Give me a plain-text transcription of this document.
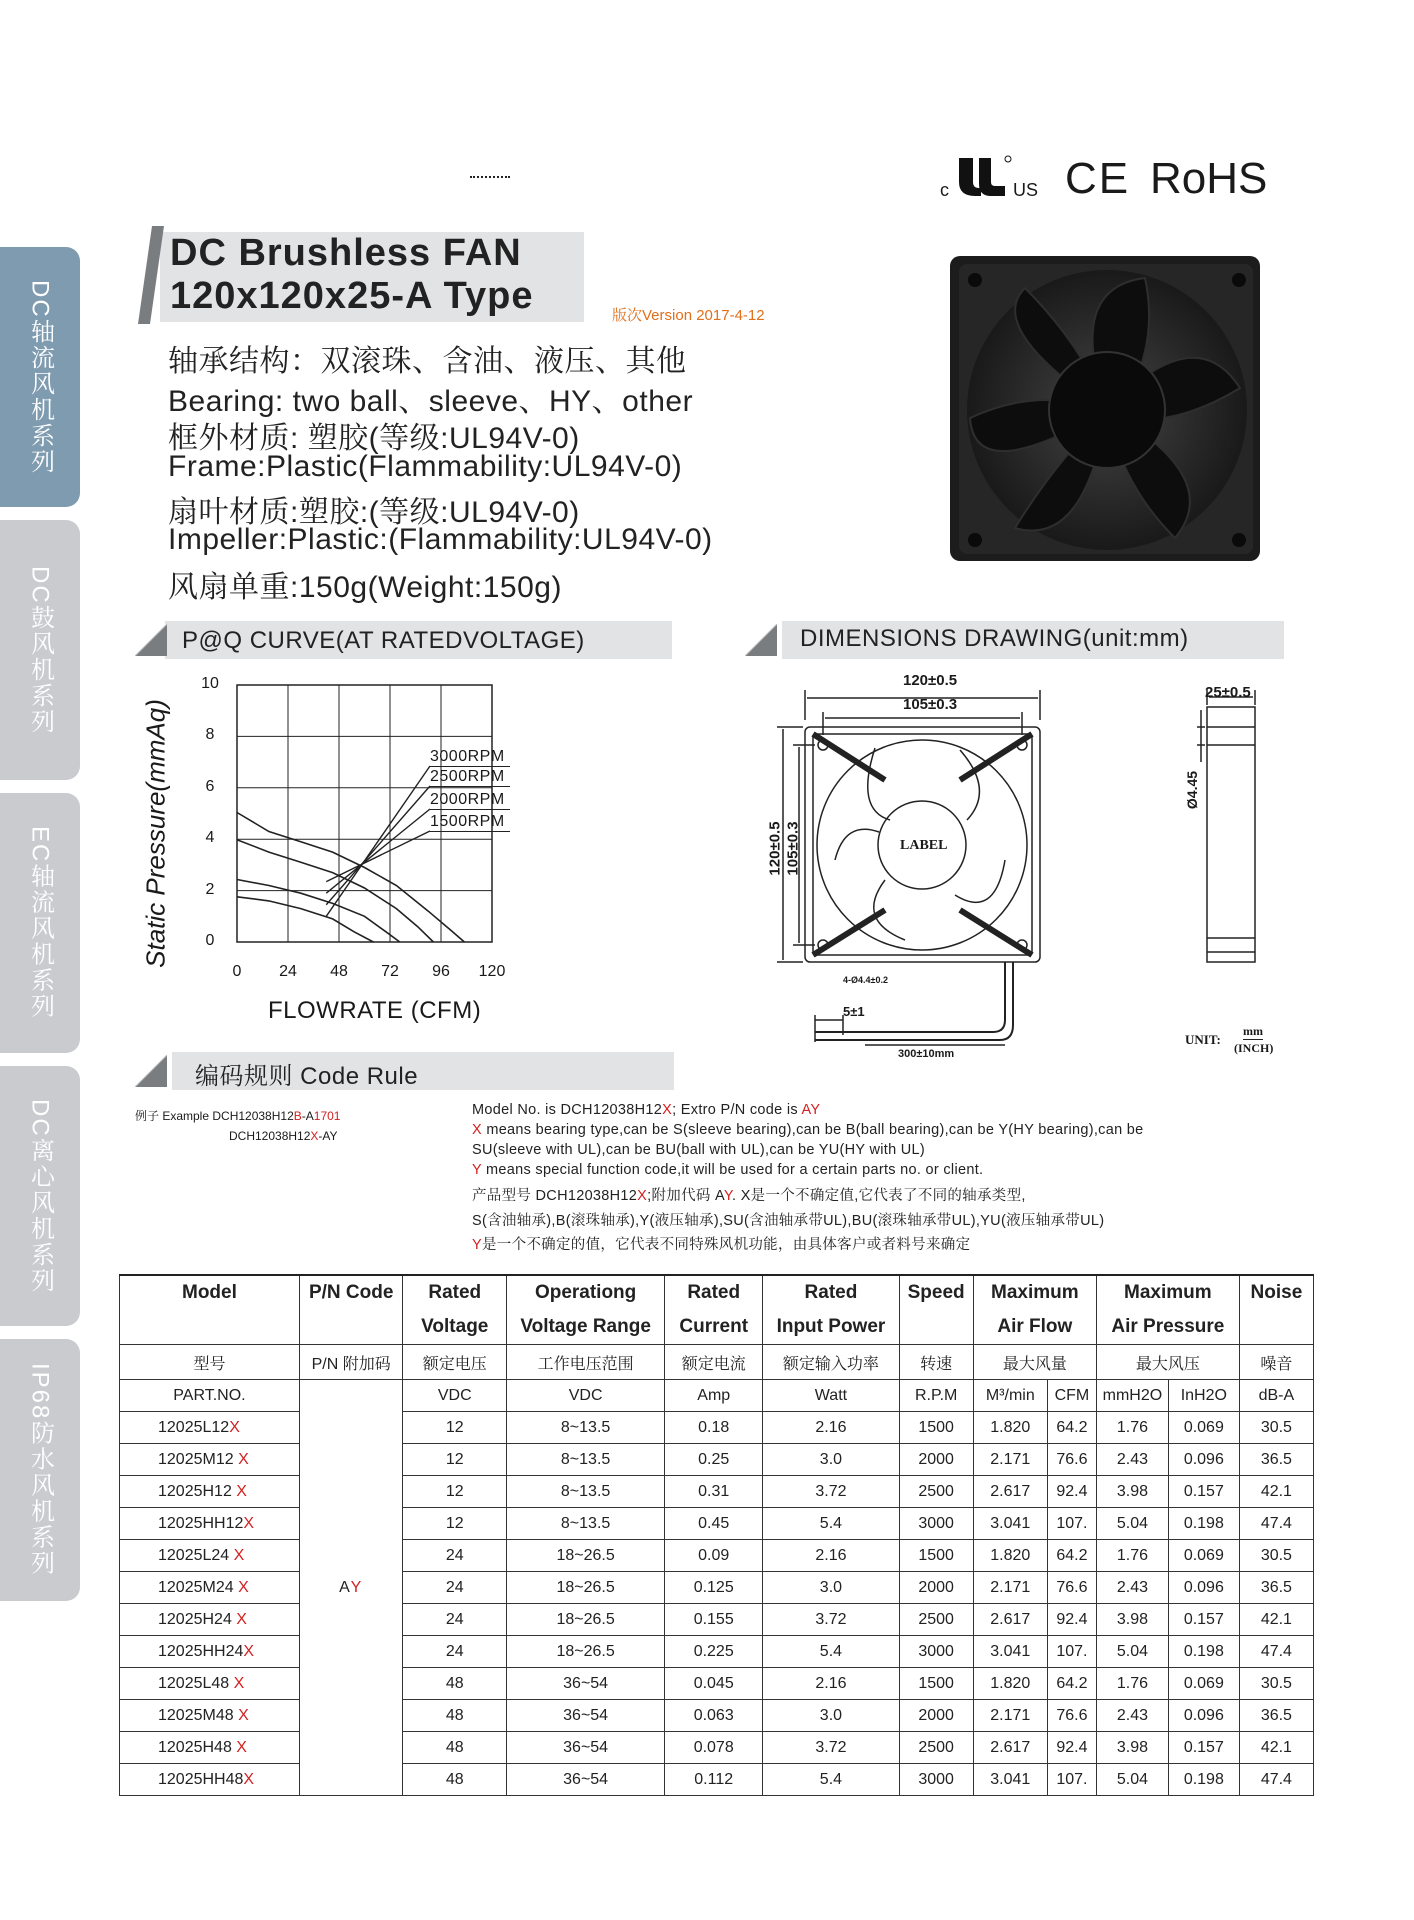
DC轴流风机系列
DC鼓风机系列
EC轴流风机系列
DC离心风机系列
IP68防水风机系列
c	US CE RoHS
DC Brushless FAN
120x120x25-A Type	版次Version 2017-4-12
轴承结构：双滚珠、含油、液压、其他
Bearing: two ball、sleeve、HY、other
框外材质: 塑胶(等级:UL94V-0)
Frame:Plastic(Flammability:UL94V-0)
扇叶材质:塑胶:(等级:UL94V-0)
Impeller:Plastic:(Flammability:UL94V-0)
风扇单重:150g(Weight:150g)
P@Q CURVE(AT RATEDVOLTAGE)
0
2
4
6
8
10
0	24	48	72	96	120
3000RPM
2500RPM
2000RPM
1500RPM
Static Pressure(mmAq)
FLOWRATE (CFM)
DIMENSIONS DRAWING(unit:mm)
120±0.5
105±0.3
120±0.5 105±0.3	LABEL
25±0.5
Ø4.45
4-Ø4.4±0.2
5±1
300±10mm
UNIT:
mm
(INCH)
编码规则 Code Rule
例子 Example DCH12038H12B-A1701
DCH12038H12X-AY
Model No. is DCH12038H12X; Extro P/N code is AY
X means bearing type,can be S(sleeve bearing),can be B(ball bearing),can be Y(HY bearing),can be
SU(sleeve with UL),can be BU(ball with UL),can be YU(HY with UL)
Y means special function code,it will be used for a certain parts no. or client.
产品型号 DCH12038H12X;附加代码 AY. X是一个不确定值,它代表了不同的轴承类型,
S(含油轴承),B(滚珠轴承),Y(液压轴承),SU(含油轴承带UL),BU(滚珠轴承带UL),YU(液压轴承带UL)
Y是一个不确定的值，它代表不同特殊风机功能，由具体客户或者料号来确定
Model	P/N Code	Rated	Operationg	Rated	Rated	Speed	Maximum		Maximum		Noise
		Voltage	Voltage Range	Current	Input Power		Air Flow		Air Pressure		
型号	P/N 附加码	额定电压	工作电压范围	额定电流	额定输入功率	转速	最大风量		最大风压		噪音
PART.NO.	AY	VDC	VDC	Amp	Watt	R.P.M	M³/min	CFM	mmH2O	InH2O	dB-A
12025L12X		12	8~13.5	0.18	2.16	1500	1.820	64.2	1.76	0.069	30.5
12025M12 X		12	8~13.5	0.25	3.0	2000	2.171	76.6	2.43	0.096	36.5
12025H12 X		12	8~13.5	0.31	3.72	2500	2.617	92.4	3.98	0.157	42.1
12025HH12X		12	8~13.5	0.45	5.4	3000	3.041	107.	5.04	0.198	47.4
12025L24 X		24	18~26.5	0.09	2.16	1500	1.820	64.2	1.76	0.069	30.5
12025M24 X		24	18~26.5	0.125	3.0	2000	2.171	76.6	2.43	0.096	36.5
12025H24 X		24	18~26.5	0.155	3.72	2500	2.617	92.4	3.98	0.157	42.1
12025HH24X		24	18~26.5	0.225	5.4	3000	3.041	107.	5.04	0.198	47.4
12025L48 X		48	36~54	0.045	2.16	1500	1.820	64.2	1.76	0.069	30.5
12025M48 X		48	36~54	0.063	3.0	2000	2.171	76.6	2.43	0.096	36.5
12025H48 X		48	36~54	0.078	3.72	2500	2.617	92.4	3.98	0.157	42.1
12025HH48X		48	36~54	0.112	5.4	3000	3.041	107.	5.04	0.198	47.4
